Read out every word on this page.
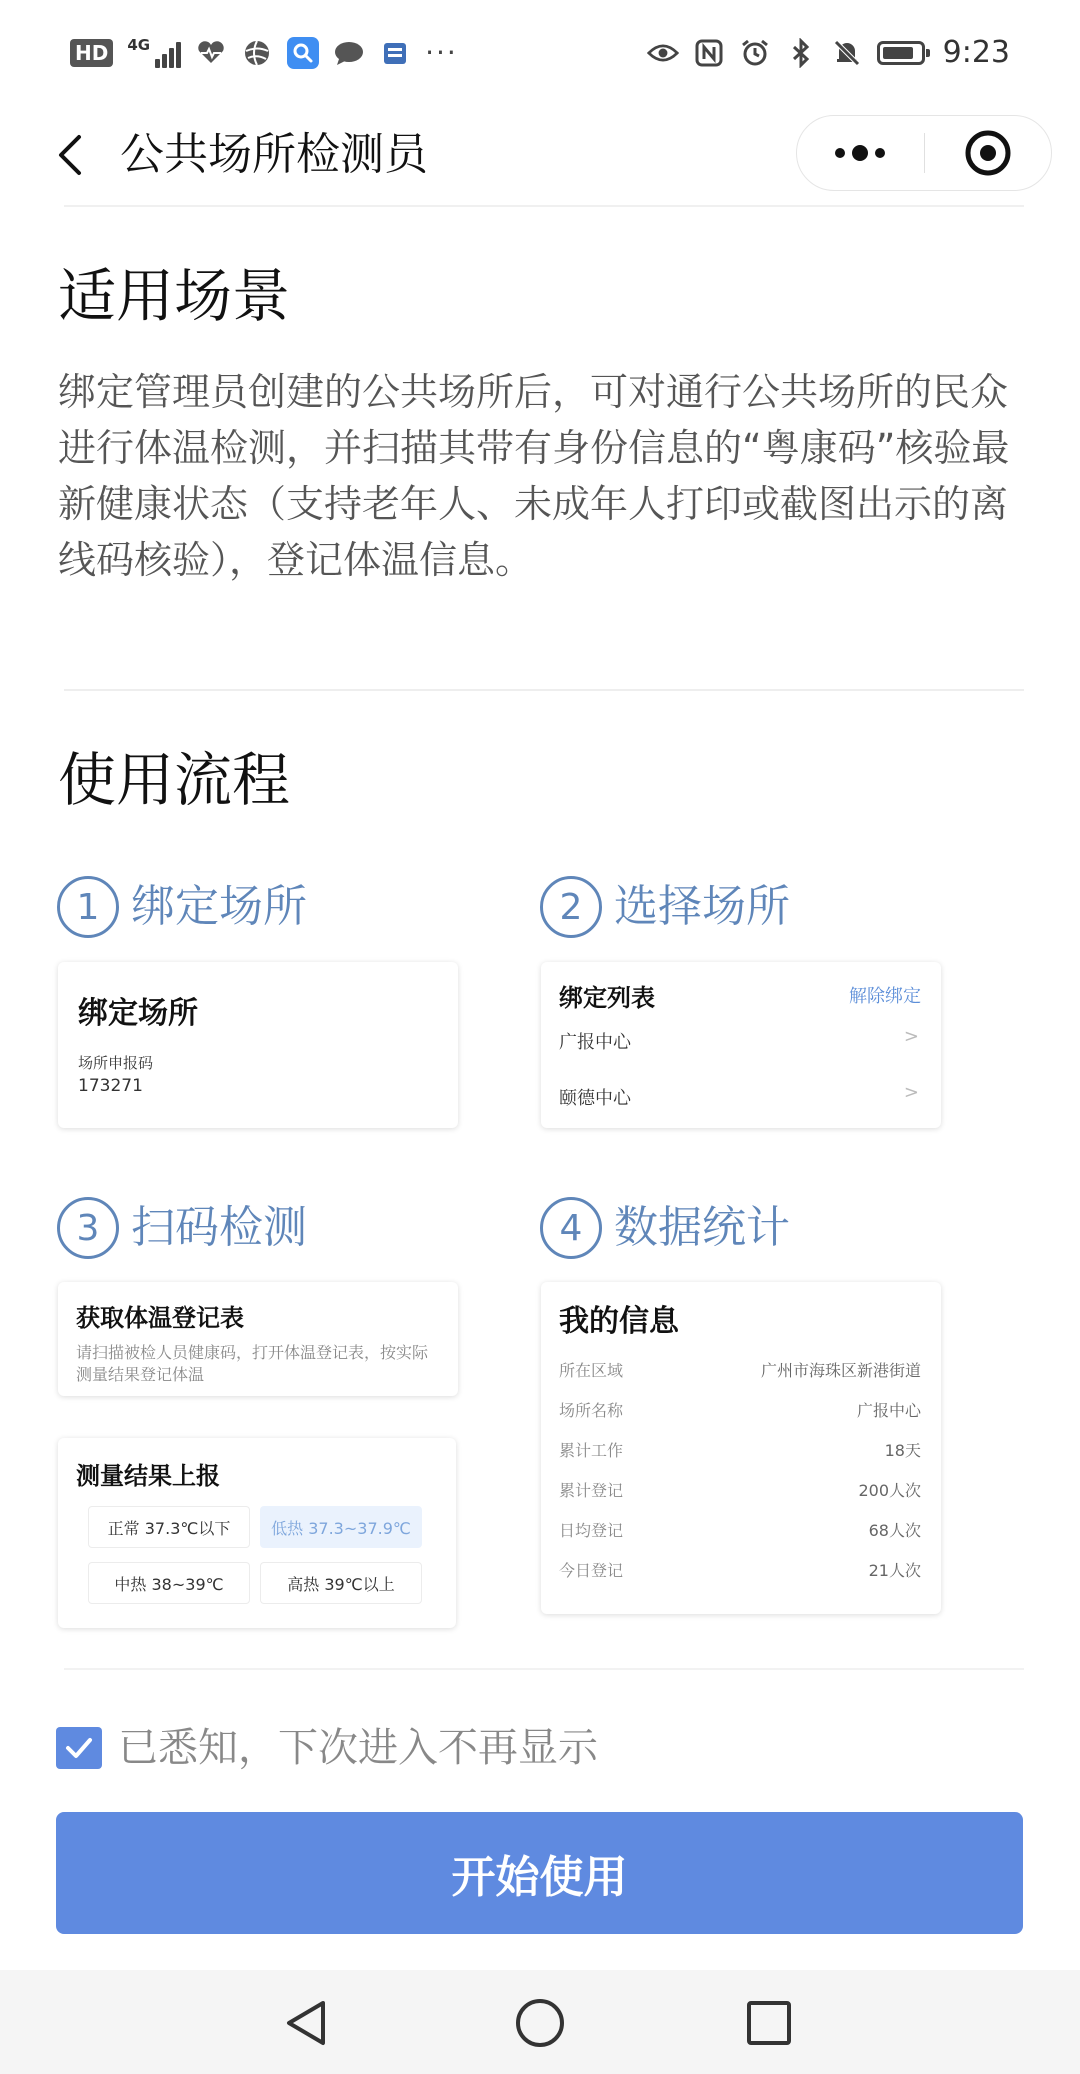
HD	4G	···	9:23
公共场所检测员
适用场景
绑定管理员创建的公共场所后，可对通行公共场所的民众进行体温检测，并扫描其带有身份信息的“粤康码”核验最新健康状态（支持老年人、未成年人打印或截图出示的离线码核验），登记体温信息。
使用流程
1 绑定场所	2 选择场所
绑定场所
场所申报码
173271
绑定列表	解除绑定
广报中心	>
颐德中心	>
3 扫码检测	4 数据统计
获取体温登记表
请扫描被检人员健康码，打开体温登记表，按实际测量结果登记体温
测量结果上报
正常 37.3℃以下	低热 37.3~37.9℃
中热 38~39℃	高热 39℃以上
我的信息
所在区域	广州市海珠区新港街道
场所名称	广报中心
累计工作	18天
累计登记	200人次
日均登记	68人次
今日登记	21人次
已悉知，下次进入不再显示
开始使用
